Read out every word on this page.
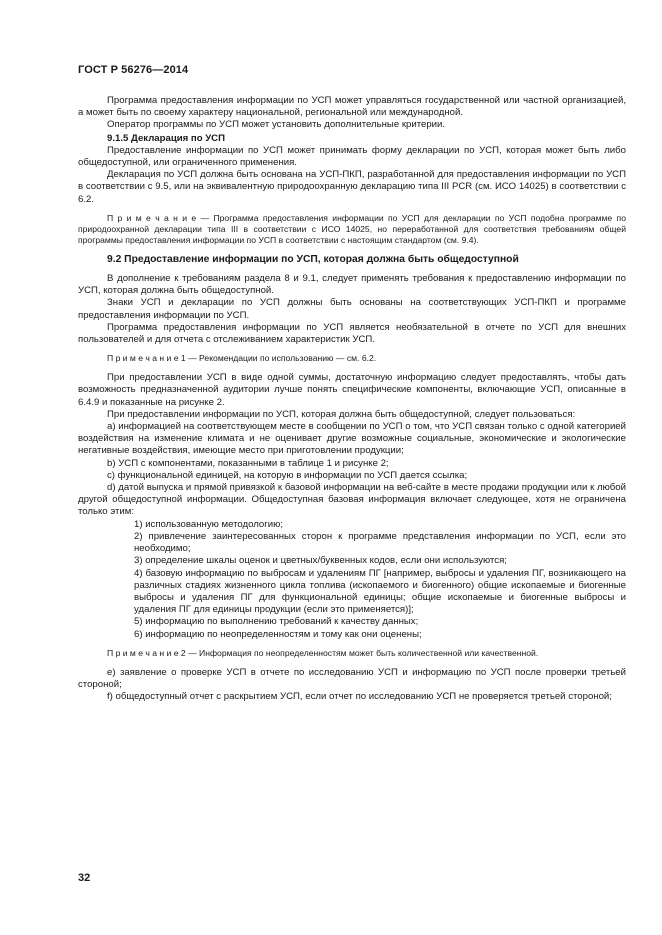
ГОСТ Р 56276—2014

Программа предоставления информации по УСП может управляться государственной или частной организацией, а может быть по своему характеру национальной, региональной или международной.

Оператор программы по УСП может установить дополнительные критерии.

9.1.5 Декларация по УСП

Предоставление информации по УСП может принимать форму декларации по УСП, которая может быть либо общедоступной, или ограниченного применения.

Декларация по УСП должна быть основана на УСП-ПКП, разработанной для предоставления информации по УСП в соответствии с 9.5, или на эквивалентную природоохранную декларацию типа III PCR (см. ИСО 14025) в соответствии с 6.2.

П р и м е ч а н и е — Программа предоставления информации по УСП для декларации по УСП подобна программе по природоохранной декларации типа III в соответствии с ИСО 14025, но переработанной для соответствия требованиям общей программы предоставления информации по УСП в соответствии с настоящим стандартом (см. 9.4).

9.2 Предоставление информации по УСП, которая должна быть общедоступной

В дополнение к требованиям раздела 8 и 9.1, следует применять требования к предоставлению информации по УСП, которая должна быть общедоступной.

Знаки УСП и декларации по УСП должны быть основаны на соответствующих УСП-ПКП и программе предоставления информации по УСП.

Программа предоставления информации по УСП является необязательной в отчете по УСП для внешних пользователей и для отчета с отслеживанием характеристик УСП.

П р и м е ч а н и е 1 — Рекомендации по использованию — см. 6.2.

При предоставлении УСП в виде одной суммы, достаточную информацию следует предоставлять, чтобы дать возможность предназначенной аудитории лучше понять специфические компоненты, включающие УСП, описанные в 6.4.9 и показанные на рисунке 2.

При предоставлении информации по УСП, которая должна быть общедоступной, следует пользоваться:

а) информацией на соответствующем месте в сообщении по УСП о том, что УСП связан только с одной категорией воздействия на изменение климата и не оценивает другие возможные социальные, экономические и экологические негативные воздействия, имеющие место при приготовлении продукции;

b) УСП с компонентами, показанными в таблице 1 и рисунке 2;

c) функциональной единицей, на которую в информации по УСП дается ссылка;

d) датой выпуска и прямой привязкой к базовой информации на веб-сайте в месте продажи продукции или к любой другой общедоступной информации. Общедоступная базовая информация включает следующее, хотя не ограничена только этим:

1) использованную методологию;

2) привлечение заинтересованных сторон к программе представления информации по УСП, если это необходимо;

3) определение шкалы оценок и цветных/буквенных кодов, если они используются;

4) базовую информацию по выбросам и удалениям ПГ [например, выбросы и удаления ПГ, возникающего на различных стадиях жизненного цикла топлива (ископаемого и биогенного) общие ископаемые и биогенные выбросы и удаления ПГ для функциональной единицы; общие ископаемые и биогенные выбросы и удаления ПГ для единицы продукции (если это применяется)];

5) информацию по выполнению требований к качеству данных;

6) информацию по неопределенностям и тому как они оценены;

П р и м е ч а н и е 2 — Информация по неопределенностям может быть количественной или качественной.

е) заявление о проверке УСП в отчете по исследованию УСП и информацию по УСП после проверки третьей стороной;

f) общедоступный отчет с раскрытием УСП, если отчет по исследованию УСП не проверяется третьей стороной;

32
